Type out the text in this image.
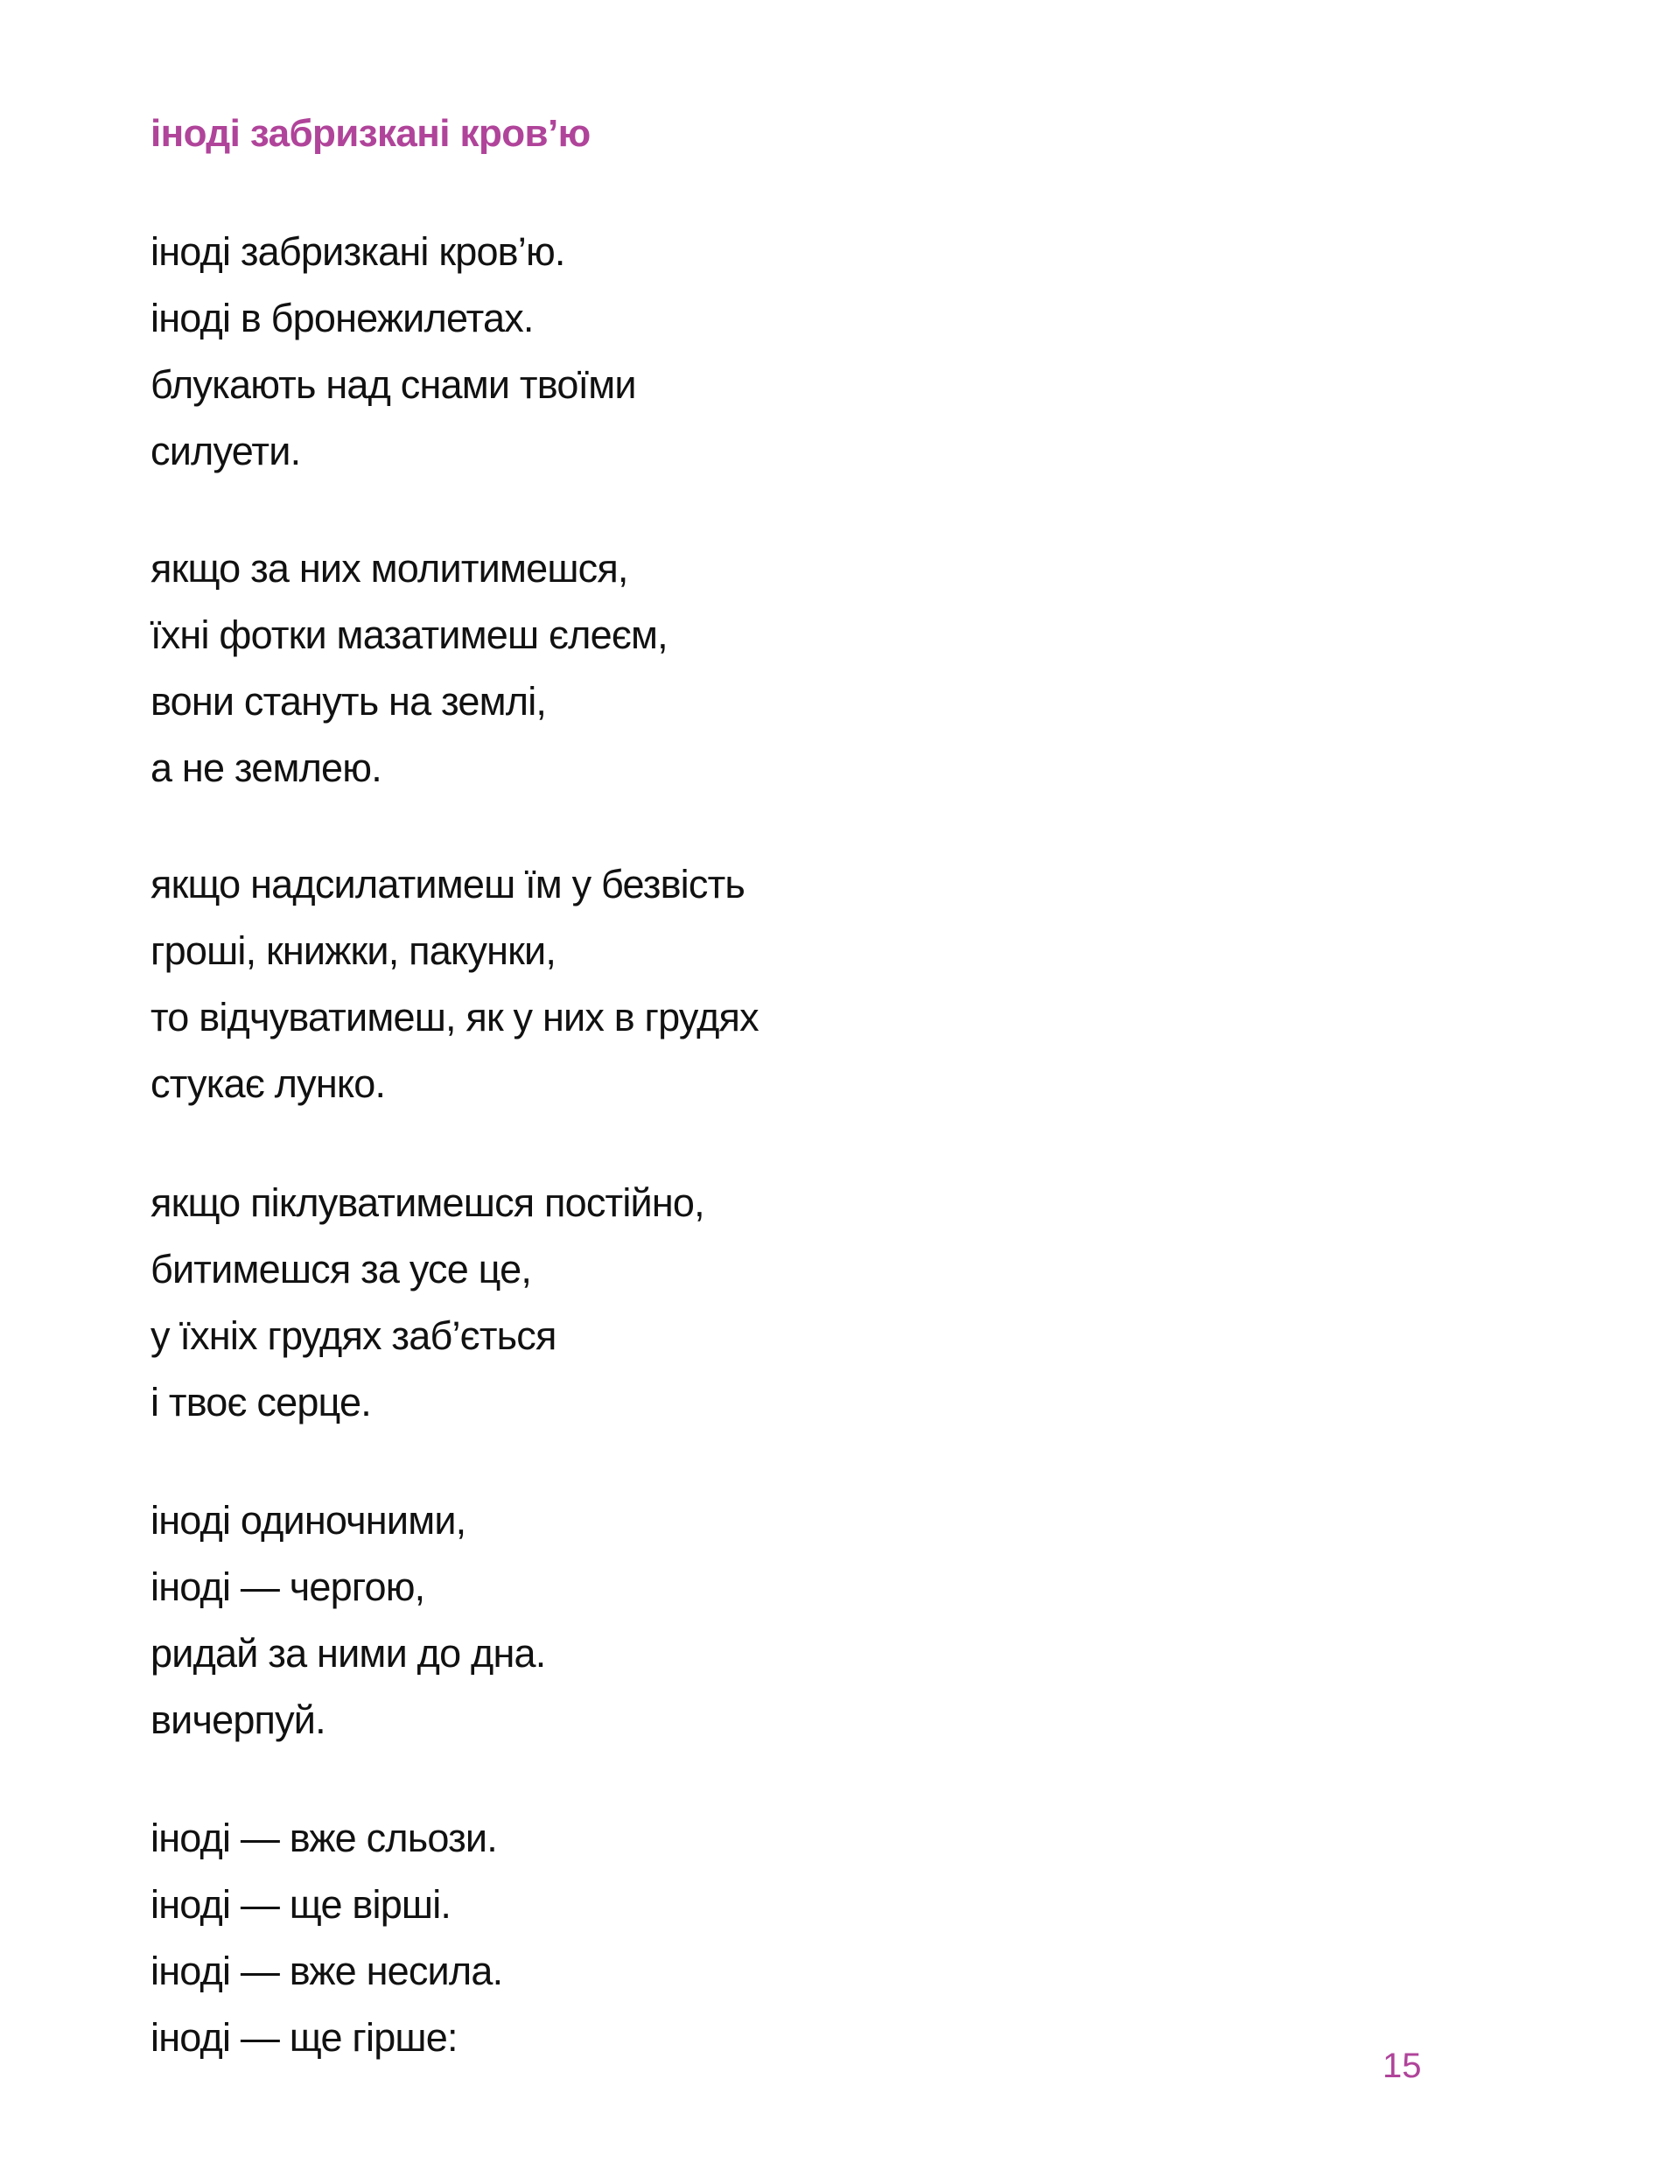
іноді забризкані кров’ю
іноді забризкані кров’ю.
іноді в бронежилетах.
блукають над снами твоїми
силуети.
якщо за них молитимешся,
їхні фотки мазатимеш єлеєм,
вони стануть на землі,
а не землею.
якщо надсилатимеш їм у безвість
гроші, книжки, пакунки,
то відчуватимеш, як у них в грудях
стукає лунко.
якщо піклуватимешся постійно,
битимешся за усе це,
у їхніх грудях заб’ється
і твоє серце.
іноді одиночними,
іноді — чергою,
ридай за ними до дна.
вичерпуй.
іноді — вже сльози.
іноді — ще вірші.
іноді — вже несила.
іноді — ще гірше:
15
